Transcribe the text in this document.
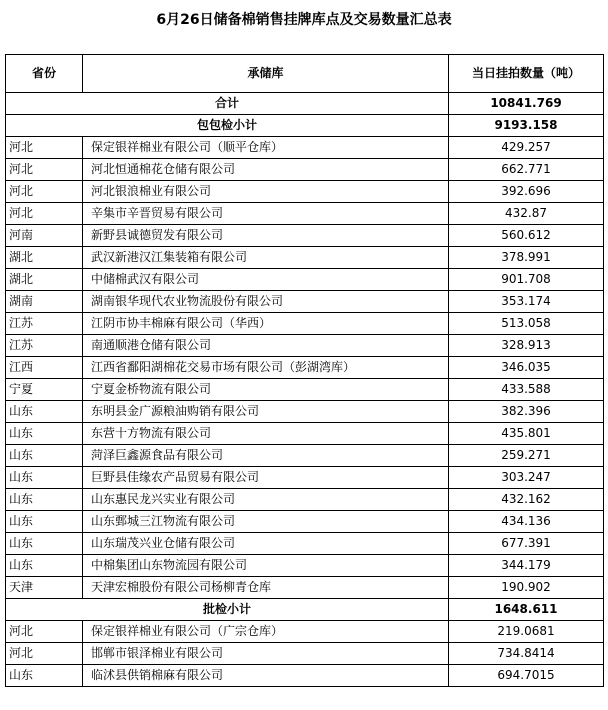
6月26日储备棉销售挂牌库点及交易数量汇总表
省份	承储库	当日挂拍数量（吨）
合计		10841.769
包包检小计		9193.158
河北	保定银祥棉业有限公司（顺平仓库）	429.257
河北	河北恒通棉花仓储有限公司	662.771
河北	河北银浪棉业有限公司	392.696
河北	辛集市辛晋贸易有限公司	432.87
河南	新野县诚德贸发有限公司	560.612
湖北	武汉新港汉江集装箱有限公司	378.991
湖北	中储棉武汉有限公司	901.708
湖南	湖南银华现代农业物流股份有限公司	353.174
江苏	江阴市协丰棉麻有限公司（华西）	513.058
江苏	南通顺港仓储有限公司	328.913
江西	江西省鄱阳湖棉花交易市场有限公司（彭湖湾库）	346.035
宁夏	宁夏金桥物流有限公司	433.588
山东	东明县金广源粮油购销有限公司	382.396
山东	东营十方物流有限公司	435.801
山东	菏泽巨鑫源食品有限公司	259.271
山东	巨野县佳缘农产品贸易有限公司	303.247
山东	山东惠民龙兴实业有限公司	432.162
山东	山东鄄城三江物流有限公司	434.136
山东	山东瑞茂兴业仓储有限公司	677.391
山东	中棉集团山东物流园有限公司	344.179
天津	天津宏棉股份有限公司杨柳青仓库	190.902
批检小计		1648.611
河北	保定银祥棉业有限公司（广宗仓库）	219.0681
河北	邯郸市银泽棉业有限公司	734.8414
山东	临沭县供销棉麻有限公司	694.7015
